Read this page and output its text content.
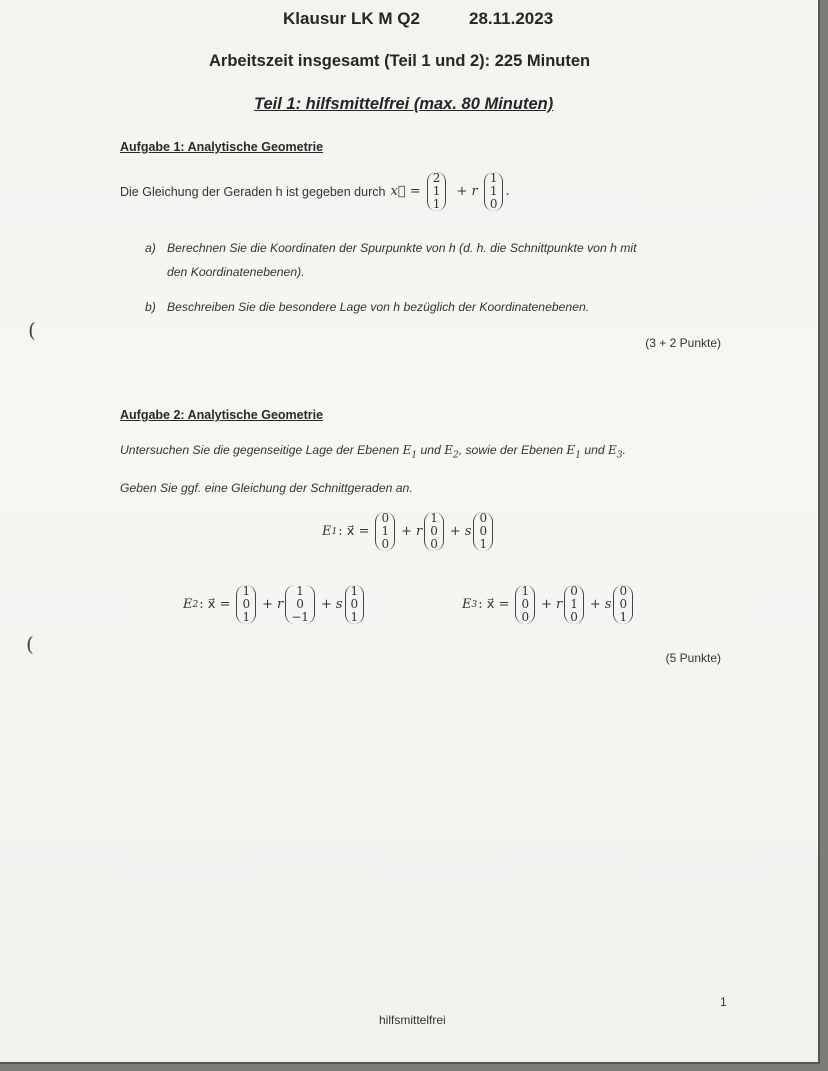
Klausur LK M Q2	28.11.2023
Arbeitszeit insgesamt (Teil 1 und 2): 225 Minuten
Teil 1: hilfsmittelfrei (max. 80 Minuten)
Aufgabe 1: Analytische Geometrie
Die Gleichung der Geraden h ist gegeben durch x⃗ =
2
1
1
+ r
1
1
0
.
a) Berechnen Sie die Koordinaten der Spurpunkte von h (d. h. die Schnittpunkte von h mit
den Koordinatenebenen).
b) Beschreiben Sie die besondere Lage von h bezüglich der Koordinatenebenen.
(3 + 2 Punkte)
(
Aufgabe 2: Analytische Geometrie
Untersuchen Sie die gegenseitige Lage der Ebenen $E_1$ und $E_2$, sowie der Ebenen $E_1$ und $E_3$.
Geben Sie ggf. eine Gleichung der Schnittgeraden an.
E 1 : x⃗ =
0
1
0
+ r
1
0
0
+ s
0
0
1
E 2 : x⃗ =
1
0
1
+ r
1
0
−1
+ s
1
0
1
E 3 : x⃗ =
1
0
0
+ r
0
1
0
+ s
0
0
1
(5 Punkte)
(
1
hilfsmittelfrei
